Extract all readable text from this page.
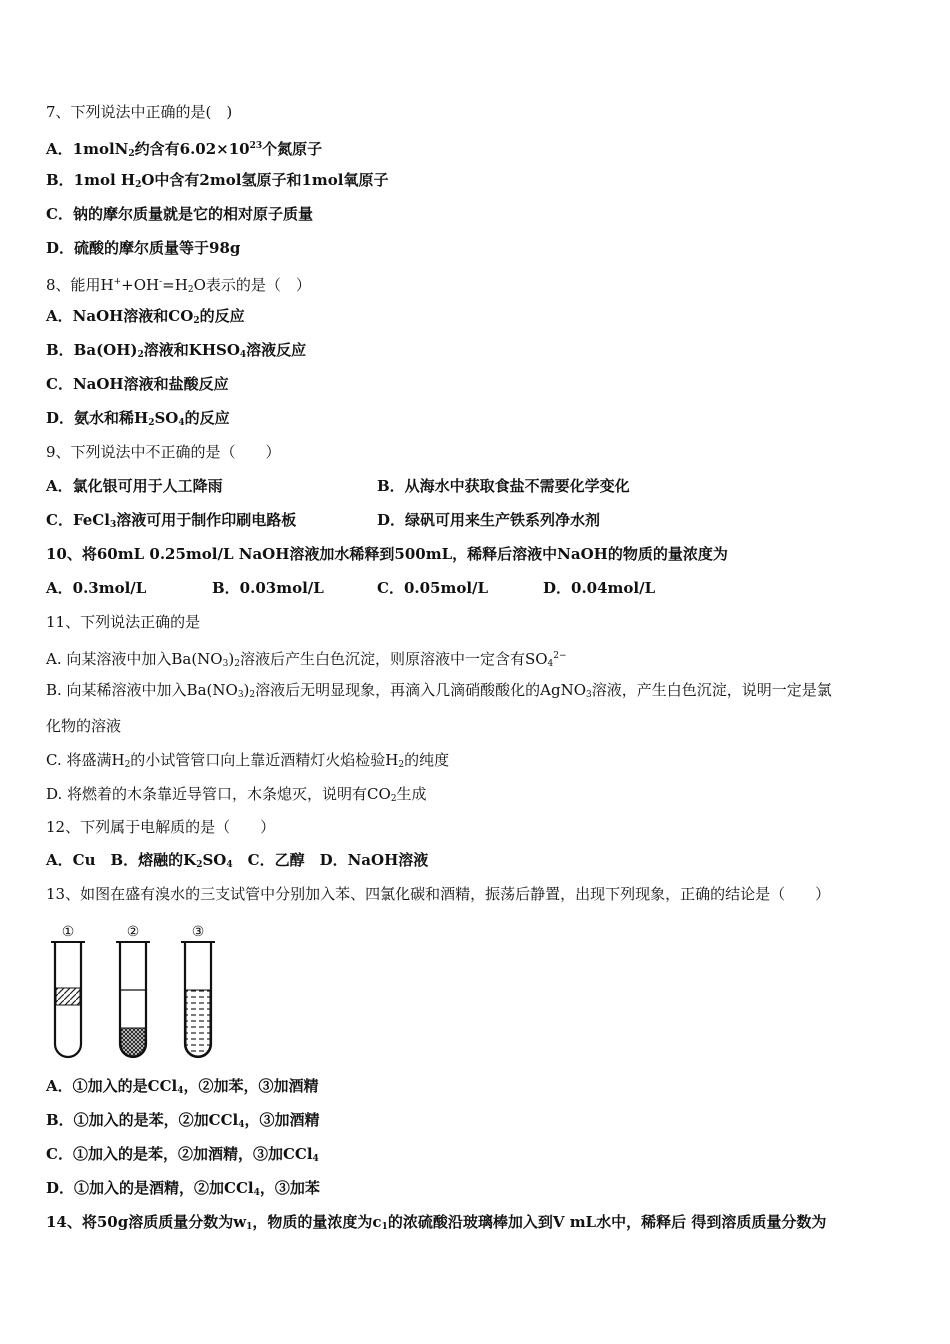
7、下列说法中正确的是(　)
A．1molN$_2$约含有$6.02\times 10^{23}$个氮原子
B．1mol $H_2O$中含有2mol氢原子和1mol氧原子
C．钠的摩尔质量就是它的相对原子质量
D．硫酸的摩尔质量等于98g
8、能用$H^++OH^-=H_2O$表示的是（　）
A．NaOH溶液和$CO_2$的反应
B．$Ba(OH)_2$溶液和$KHSO_4$溶液反应
C．NaOH溶液和盐酸反应
D．氨水和稀$H_2SO_4$的反应
9、下列说法中不正确的是（　　）
A．氯化银可用于人工降雨	B．从海水中获取食盐不需要化学变化
C．FeCl$_3$溶液可用于制作印刷电路板	D．绿矾可用来生产铁系列净水剂
10、将60mL 0.25mol/L NaOH溶液加水稀释到500mL，稀释后溶液中NaOH的物质的量浓度为
A．0.3mol/L	B．0.03mol/L	C．0.05mol/L	D．0.04mol/L
11、下列说法正确的是
A. 向某溶液中加入$Ba(NO_3)_2$溶液后产生白色沉淀，则原溶液中一定含有$SO_4^{2-}$
B. 向某稀溶液中加入$Ba(NO_3)_2$溶液后无明显现象，再滴入几滴硝酸酸化的AgNO$_3$溶液，产生白色沉淀，说明一定是氯
化物的溶液
C. 将盛满$H_2$的小试管管口向上靠近酒精灯火焰检验$H_2$的纯度
D. 将燃着的木条靠近导管口，木条熄灭，说明有$CO_2$生成
12、下列属于电解质的是（　　）
A．Cu　B．熔融的$K_2SO_4$　C．乙醇　D．NaOH溶液
13、如图在盛有溴水的三支试管中分别加入苯、四氯化碳和酒精，振荡后静置，出现下列现象，正确的结论是（　　）
①	②	③
A．①加入的是CCl$_4$，②加苯，③加酒精
B．①加入的是苯，②加CCl$_4$，③加酒精
C．①加入的是苯，②加酒精，③加CCl$_4$
D．①加入的是酒精，②加CCl$_4$，③加苯
14、将50g溶质质量分数为$w_1$，物质的量浓度为$c_1$的浓硫酸沿玻璃棒加入到V mL水中，稀释后 得到溶质质量分数为
